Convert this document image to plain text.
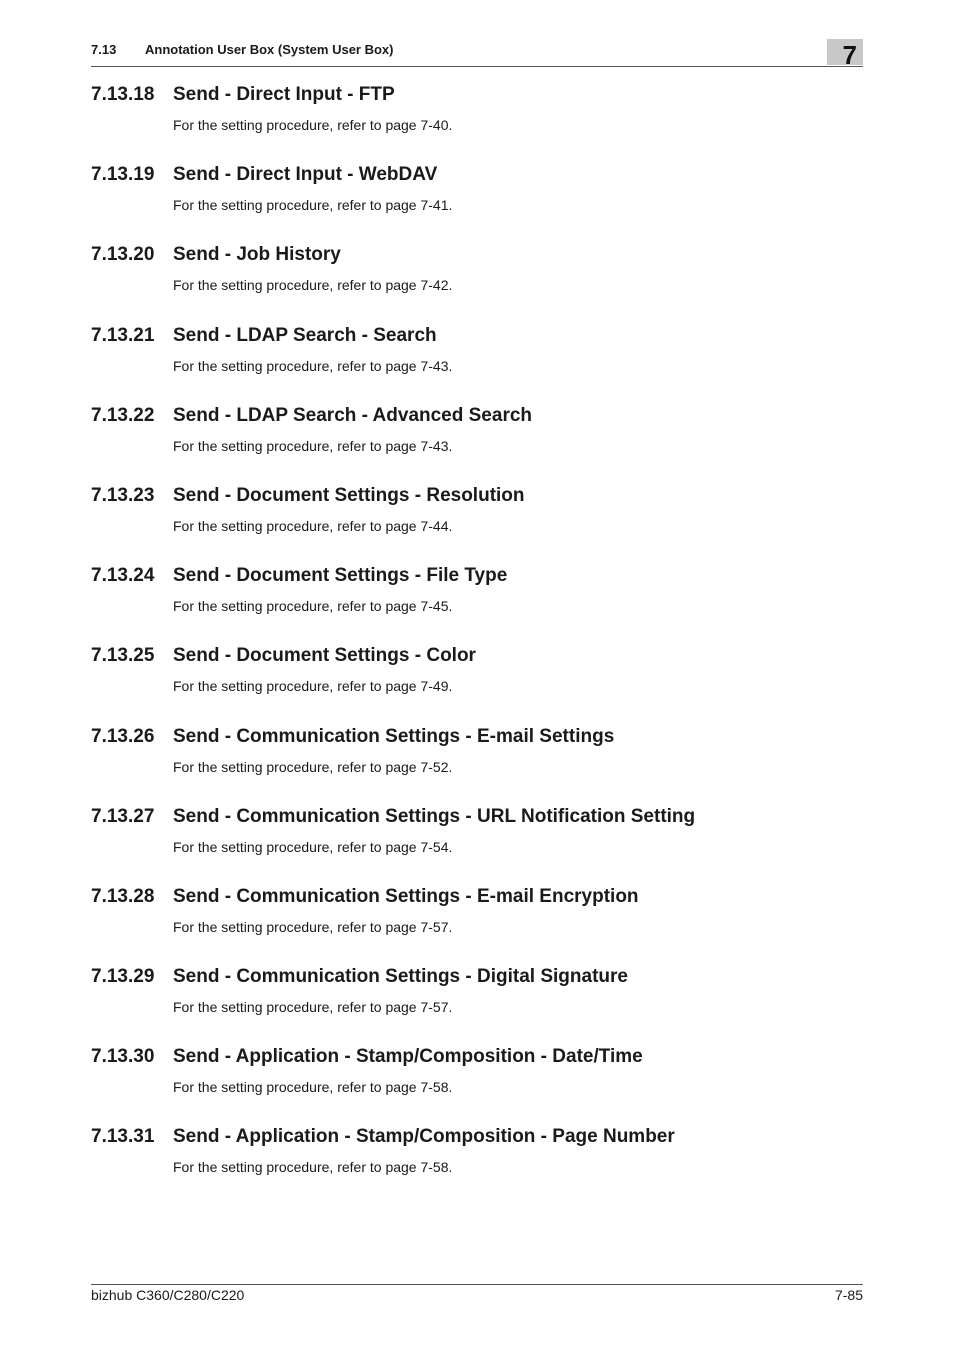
7.13 Annotation User Box (System User Box)	7
7.13.18 Send - Direct Input - FTP
For the setting procedure, refer to page 7-40.
7.13.19 Send - Direct Input - WebDAV
For the setting procedure, refer to page 7-41.
7.13.20 Send - Job History
For the setting procedure, refer to page 7-42.
7.13.21 Send - LDAP Search - Search
For the setting procedure, refer to page 7-43.
7.13.22 Send - LDAP Search - Advanced Search
For the setting procedure, refer to page 7-43.
7.13.23 Send - Document Settings - Resolution
For the setting procedure, refer to page 7-44.
7.13.24 Send - Document Settings - File Type
For the setting procedure, refer to page 7-45.
7.13.25 Send - Document Settings - Color
For the setting procedure, refer to page 7-49.
7.13.26 Send - Communication Settings - E-mail Settings
For the setting procedure, refer to page 7-52.
7.13.27 Send - Communication Settings - URL Notification Setting
For the setting procedure, refer to page 7-54.
7.13.28 Send - Communication Settings - E-mail Encryption
For the setting procedure, refer to page 7-57.
7.13.29 Send - Communication Settings - Digital Signature
For the setting procedure, refer to page 7-57.
7.13.30 Send - Application - Stamp/Composition - Date/Time
For the setting procedure, refer to page 7-58.
7.13.31 Send - Application - Stamp/Composition - Page Number
For the setting procedure, refer to page 7-58.
bizhub C360/C280/C220	7-85
